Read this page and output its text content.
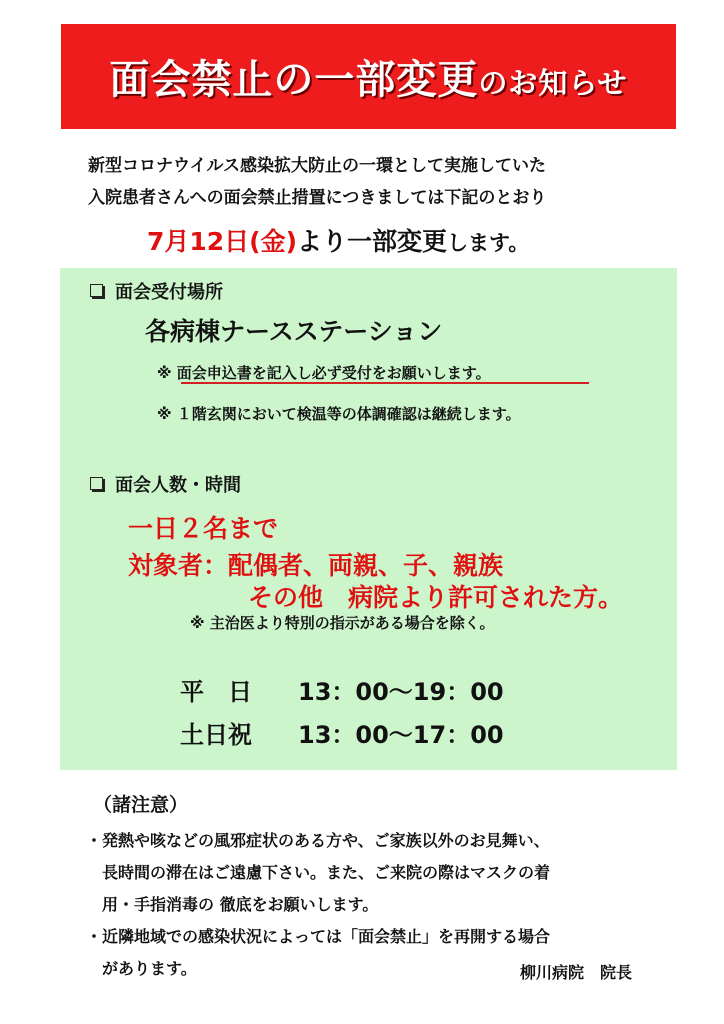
面会禁止の一部変更のお知らせ
新型コロナウイルス感染拡大防止の一環として実施していた
入院患者さんへの面会禁止措置につきましては下記のとおり
7月12日(金)より一部変更します。
面会受付場所
各病棟ナースステーション
※ 面会申込書を記入し必ず受付をお願いします。
※ １階玄関において検温等の体調確認は継続します。
面会人数・時間
一日２名まで
対象者：配偶者、両親、子、親族
その他　病院より許可された方。
※ 主治医より特別の指示がある場合を除く。
平　日 13：00〜19：00
土日祝 13：00〜17：00
（諸注意）
・発熱や咳などの風邪症状のある方や、ご家族以外のお見舞い、
　長時間の滞在はご遠慮下さい。また、ご来院の際はマスクの着
　用・手指消毒の 徹底をお願いします。
・近隣地域での感染状況によっては「面会禁止」を再開する場合
　があります。	柳川病院　院長
